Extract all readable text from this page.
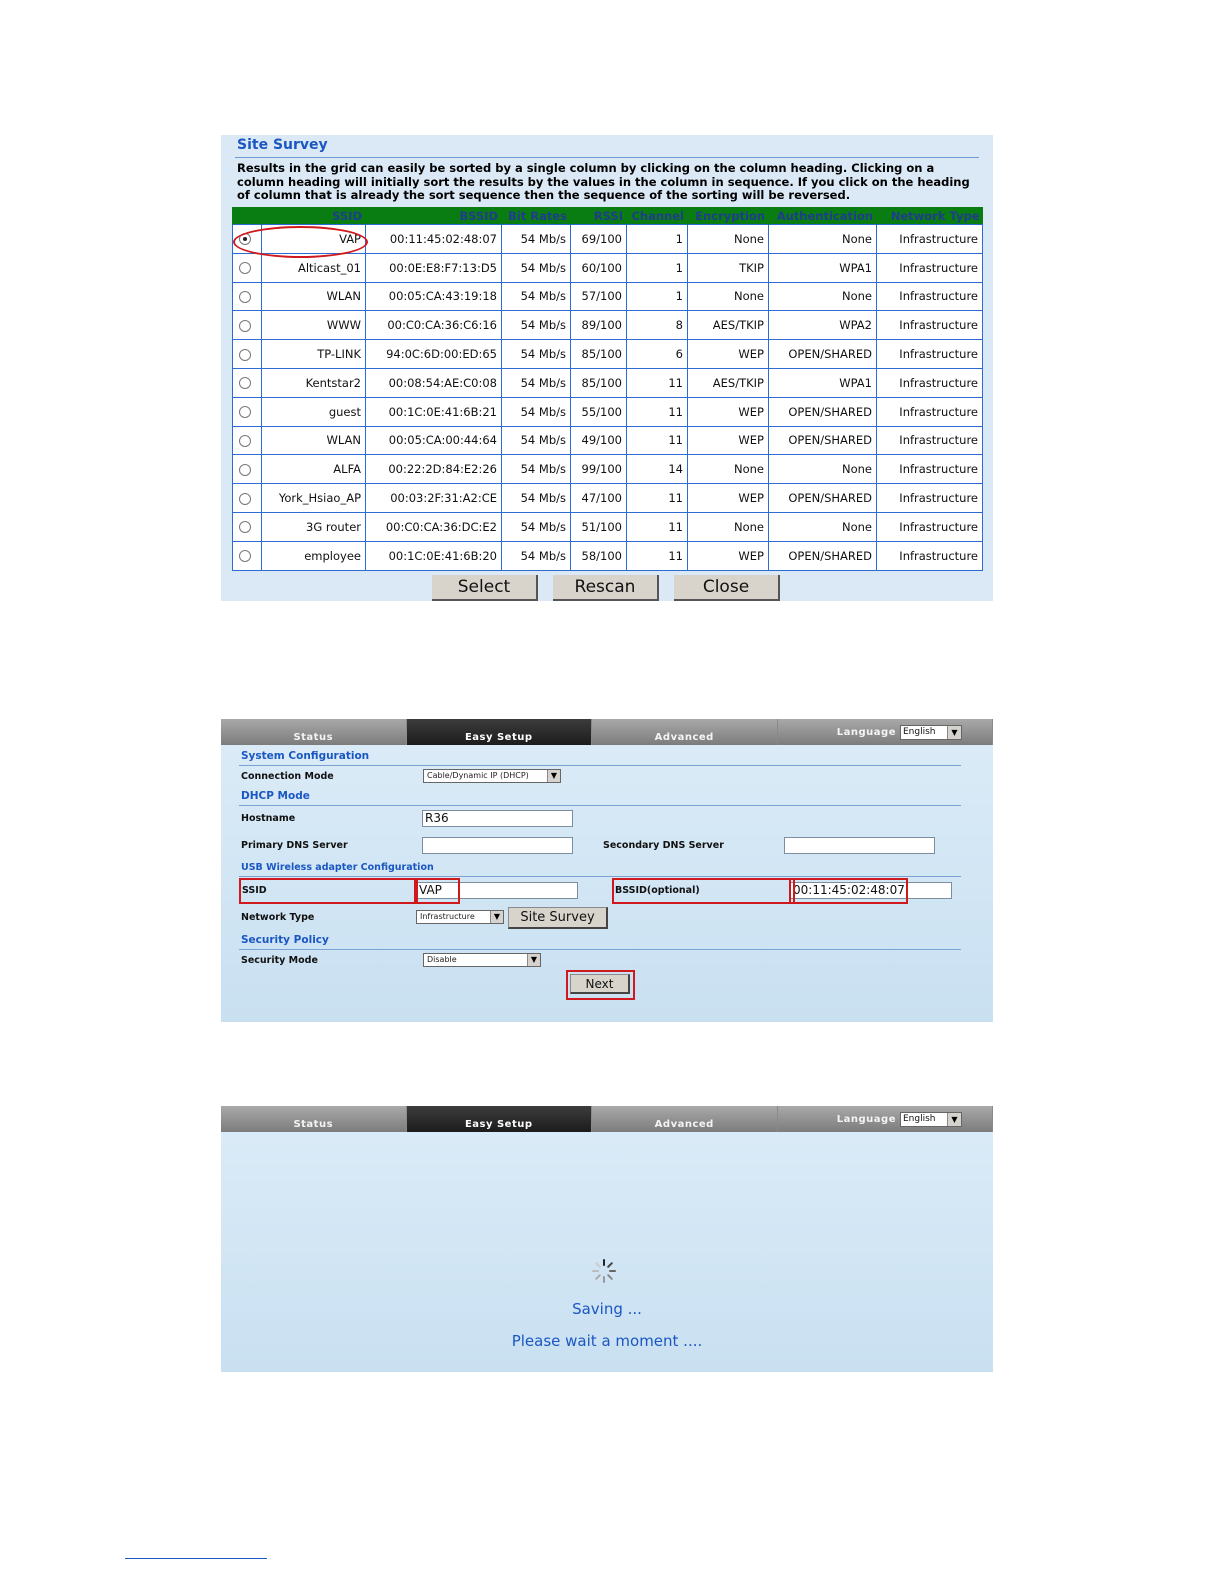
Site Survey
Results in the grid can easily be sorted by a single column by clicking on the column heading. Clicking on a column heading will initially sort the results by the values in the column in sequence. If you click on the heading of column that is already the sort sequence then the sequence of the sorting will be reversed.
	SSID	BSSID	Bit Rates	RSSI	Channel	Encryption	Authentication	Network Type
	VAP	00:11:45:02:48:07	54 Mb/s	69/100	1	None	None	Infrastructure
	Alticast_01	00:0E:E8:F7:13:D5	54 Mb/s	60/100	1	TKIP	WPA1	Infrastructure
	WLAN	00:05:CA:43:19:18	54 Mb/s	57/100	1	None	None	Infrastructure
	WWW	00:C0:CA:36:C6:16	54 Mb/s	89/100	8	AES/TKIP	WPA2	Infrastructure
	TP-LINK	94:0C:6D:00:ED:65	54 Mb/s	85/100	6	WEP	OPEN/SHARED	Infrastructure
	Kentstar2	00:08:54:AE:C0:08	54 Mb/s	85/100	11	AES/TKIP	WPA1	Infrastructure
	guest	00:1C:0E:41:6B:21	54 Mb/s	55/100	11	WEP	OPEN/SHARED	Infrastructure
	WLAN	00:05:CA:00:44:64	54 Mb/s	49/100	11	WEP	OPEN/SHARED	Infrastructure
	ALFA	00:22:2D:84:E2:26	54 Mb/s	99/100	14	None	None	Infrastructure
	York_Hsiao_AP	00:03:2F:31:A2:CE	54 Mb/s	47/100	11	WEP	OPEN/SHARED	Infrastructure
	3G router	00:C0:CA:36:DC:E2	54 Mb/s	51/100	11	None	None	Infrastructure
	employee	00:1C:0E:41:6B:20	54 Mb/s	58/100	11	WEP	OPEN/SHARED	Infrastructure
Select	Rescan	Close
Status	Easy Setup	Advanced	Language English	▼
System Configuration
Connection Mode	Cable/Dynamic IP (DHCP)	▼
DHCP Mode
Hostname	R36
Primary DNS Server	Secondary DNS Server
USB Wireless adapter Configuration
SSID	VAP	BSSID(optional)	00:11:45:02:48:07
Network Type	Infrastructure	▼	Site Survey
Security Policy
Security Mode	Disable	▼
Next
Status	Easy Setup	Advanced	Language English	▼
Saving ...
Please wait a moment ....
